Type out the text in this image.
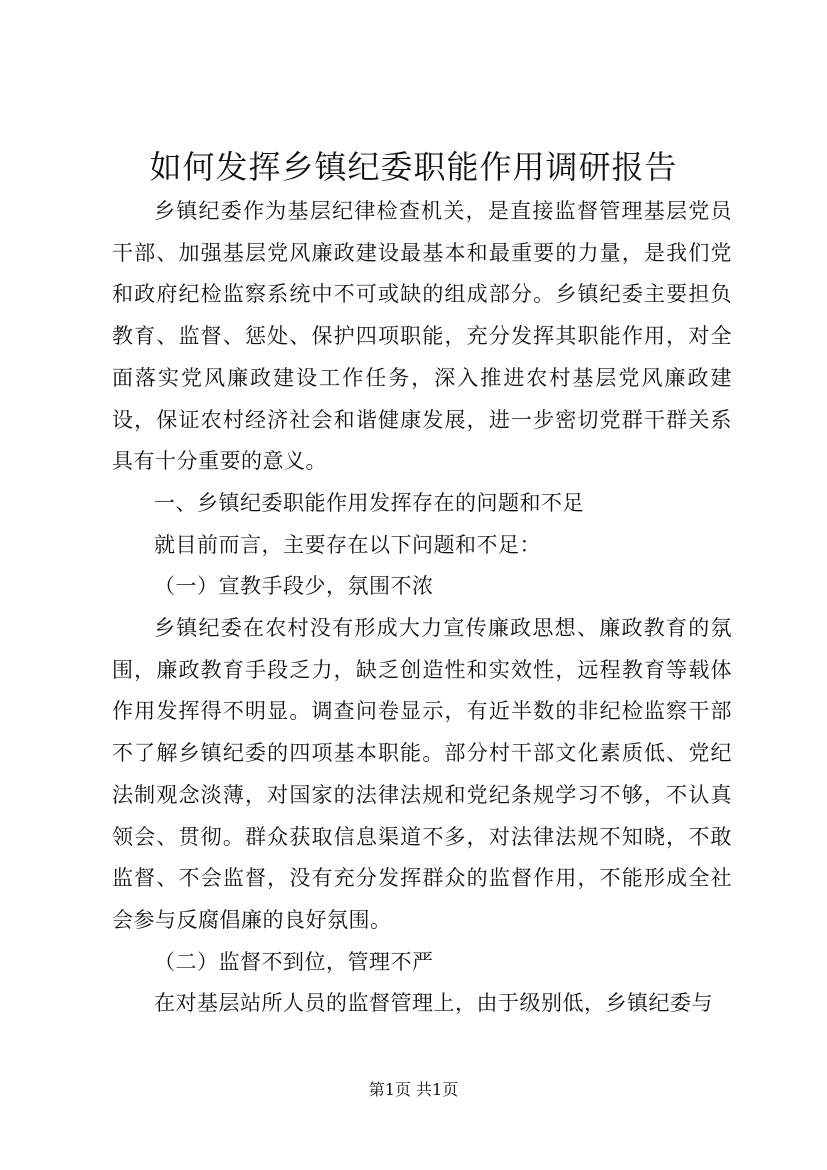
如何发挥乡镇纪委职能作用调研报告

乡镇纪委作为基层纪律检查机关，是直接监督管理基层党员干部、加强基层党风廉政建设最基本和最重要的力量，是我们党和政府纪检监察系统中不可或缺的组成部分。乡镇纪委主要担负教育、监督、惩处、保护四项职能，充分发挥其职能作用，对全面落实党风廉政建设工作任务，深入推进农村基层党风廉政建设，保证农村经济社会和谐健康发展，进一步密切党群干群关系具有十分重要的意义。

一、乡镇纪委职能作用发挥存在的问题和不足

就目前而言，主要存在以下问题和不足：

（一）宣教手段少，氛围不浓

乡镇纪委在农村没有形成大力宣传廉政思想、廉政教育的氛围，廉政教育手段乏力，缺乏创造性和实效性，远程教育等载体作用发挥得不明显。调查问卷显示，有近半数的非纪检监察干部不了解乡镇纪委的四项基本职能。部分村干部文化素质低、党纪法制观念淡薄，对国家的法律法规和党纪条规学习不够，不认真领会、贯彻。群众获取信息渠道不多，对法律法规不知晓，不敢监督、不会监督，没有充分发挥群众的监督作用，不能形成全社会参与反腐倡廉的良好氛围。

（二）监督不到位，管理不严

在对基层站所人员的监督管理上，由于级别低，乡镇纪委与

第1页 共1页
